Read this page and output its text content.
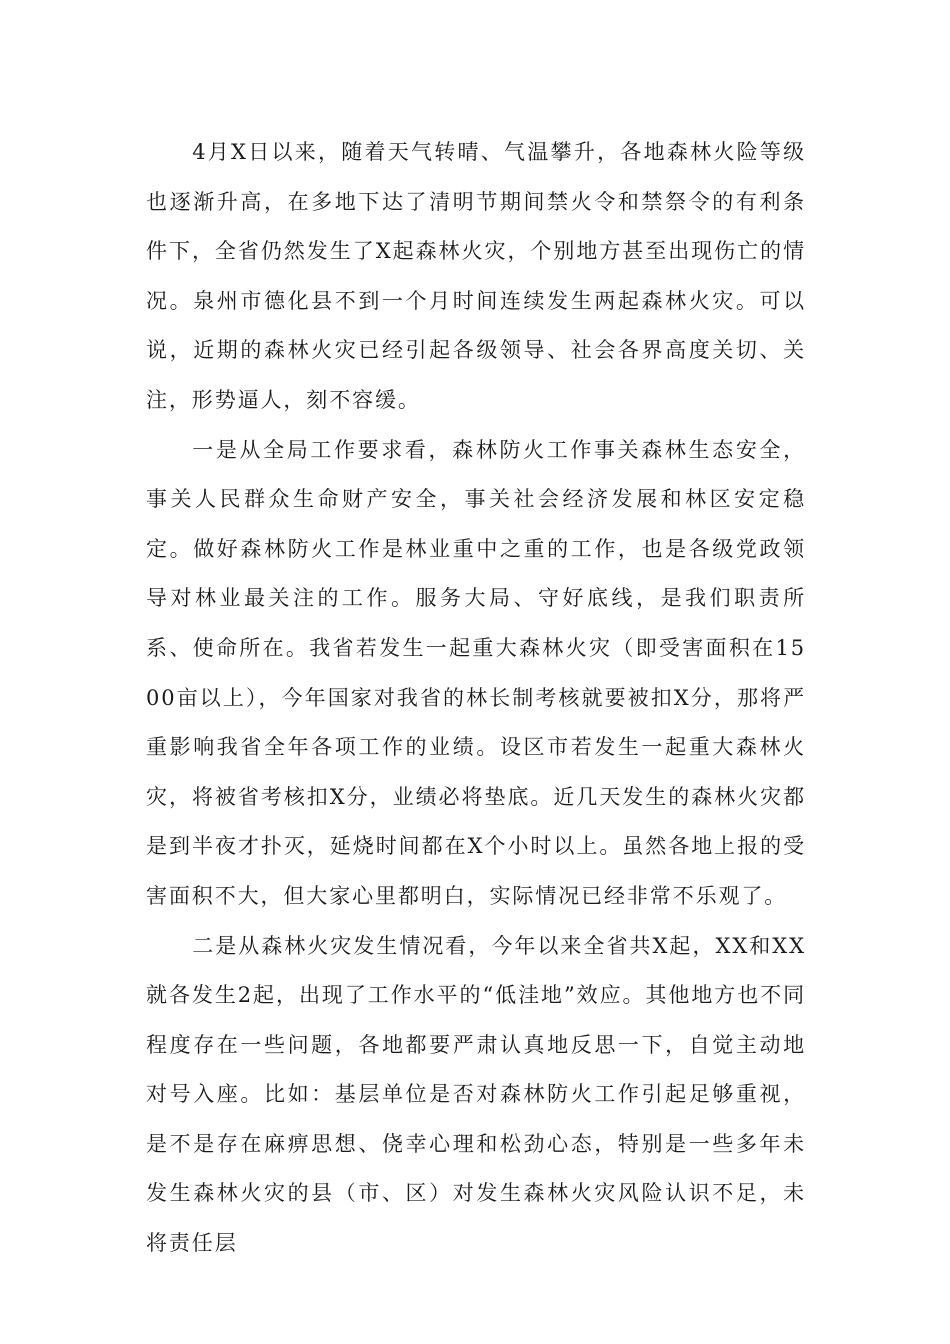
4月X日以来，随着天气转晴、气温攀升，各地森林火险等级也逐渐升高，在多地下达了清明节期间禁火令和禁祭令的有利条件下，全省仍然发生了X起森林火灾，个别地方甚至出现伤亡的情况。泉州市德化县不到一个月时间连续发生两起森林火灾。可以说，近期的森林火灾已经引起各级领导、社会各界高度关切、关注，形势逼人，刻不容缓。

一是从全局工作要求看，森林防火工作事关森林生态安全，事关人民群众生命财产安全，事关社会经济发展和林区安定稳定。做好森林防火工作是林业重中之重的工作，也是各级党政领导对林业最关注的工作。服务大局、守好底线，是我们职责所系、使命所在。我省若发生一起重大森林火灾（即受害面积在1500亩以上），今年国家对我省的林长制考核就要被扣X分，那将严重影响我省全年各项工作的业绩。设区市若发生一起重大森林火灾，将被省考核扣X分，业绩必将垫底。近几天发生的森林火灾都是到半夜才扑灭，延烧时间都在X个小时以上。虽然各地上报的受害面积不大，但大家心里都明白，实际情况已经非常不乐观了。

二是从森林火灾发生情况看，今年以来全省共X起，XX和XX就各发生2起，出现了工作水平的“低洼地”效应。其他地方也不同程度存在一些问题，各地都要严肃认真地反思一下，自觉主动地对号入座。比如：基层单位是否对森林防火工作引起足够重视，是不是存在麻痹思想、侥幸心理和松劲心态，特别是一些多年未发生森林火灾的县（市、区）对发生森林火灾风险认识不足，未将责任层
